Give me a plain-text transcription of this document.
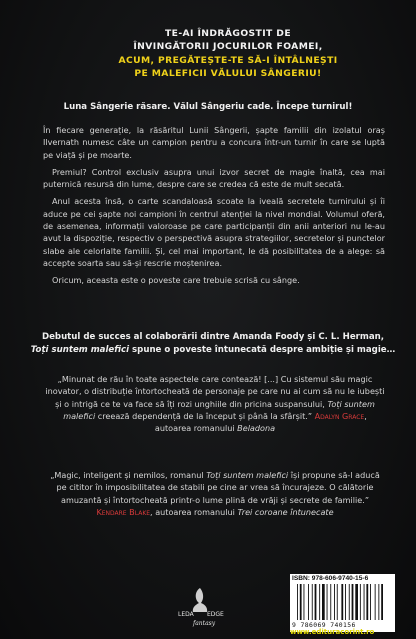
TE-AI ÎNDRĂGOSTIT DE
ÎNVINGĂTORII JOCURILOR FOAMEI,
ACUM, PREGĂTEȘTE-TE SĂ-I ÎNTÂLNEȘTI
PE MALEFICII VĂLULUI SÂNGERIU!
Luna Sângerie răsare. Vălul Sângeriu cade. Începe turnirul!

În fiecare generație, la răsăritul Lunii Sângerii, șapte familii din izolatul oraș Ilvernath numesc câte un campion pentru a concura într-un turnir în care se luptă pe viață și pe moarte.

Premiul? Control exclusiv asupra unui izvor secret de magie înaltă, cea mai puternică resursă din lume, despre care se credea că este de mult secată.

Anul acesta însă, o carte scandaloasă scoate la iveală secretele turnirului și îi aduce pe cei șapte noi campioni în centrul atenției la nivel mondial. Volumul oferă, de asemenea, informații valoroase pe care participanții din anii anteriori nu le-au avut la dispoziție, respectiv o perspectivă asupra strategiilor, secretelor și punctelor slabe ale celorlalte familii. Și, cel mai important, le dă posibilitatea de a alege: să accepte soarta sau să-și rescrie moștenirea.

Oricum, aceasta este o poveste care trebuie scrisă cu sânge.

Debutul de succes al colaborării dintre Amanda Foody și C. L. Herman,
Toți suntem malefici spune o poveste întunecată despre ambiție și magie…
„Minunat de rău în toate aspectele care contează! [...] Cu sistemul său magic inovator, o distribuție întortocheată de personaje pe care nu ai cum să nu le iubești și o intrigă ce te va face să îți rozi unghiile din pricina suspansului, Toți suntem malefici creează dependență de la început și până la sfârșit.” Adalyn Grace, autoarea romanului Beladona
„Magic, inteligent și nemilos, romanul Toți suntem malefici își propune să-l aducă pe cititor în imposibilitatea de stabili pe cine ar vrea să încurajeze. O călătorie amuzantă și întortocheată printr-o lume plină de vrăji și secrete de familie.”
Kendare Blake, autoarea romanului Trei coroane întunecate
LEDA EDGE
fantasy
ISBN: 978-606-9740-15-6
9 786069 740156
www.edituracorint.ro
